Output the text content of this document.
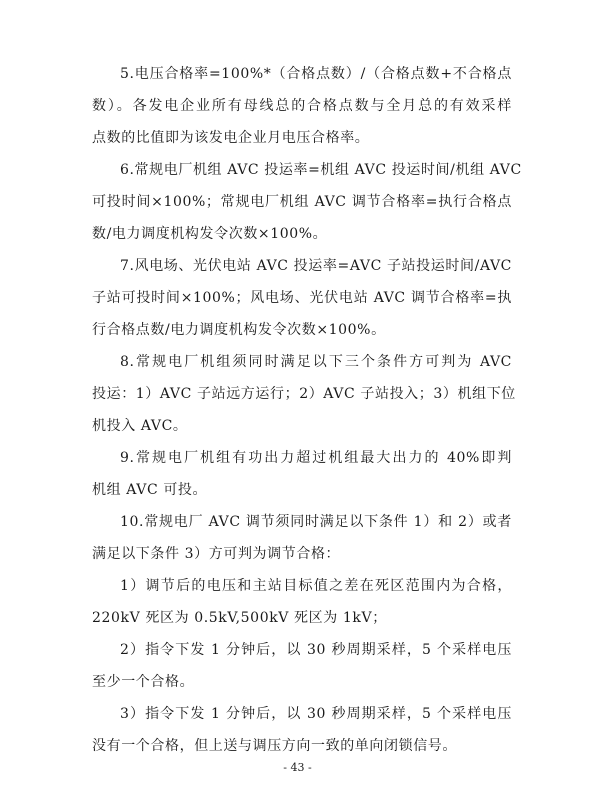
5.电压合格率=100%*（合格点数）/（合格点数+不合格点
数）。各发电企业所有母线总的合格点数与全月总的有效采样
点数的比值即为该发电企业月电压合格率。
6.常规电厂机组 AVC 投运率=机组 AVC 投运时间/机组 AVC
可投时间×100%；常规电厂机组 AVC 调节合格率=执行合格点
数/电力调度机构发令次数×100%。
7.风电场、光伏电站 AVC 投运率=AVC 子站投运时间/AVC
子站可投时间×100%；风电场、光伏电站 AVC 调节合格率=执
行合格点数/电力调度机构发令次数×100%。
8.常规电厂机组须同时满足以下三个条件方可判为 AVC
投运：1）AVC 子站远方运行；2）AVC 子站投入；3）机组下位
机投入 AVC。
9.常规电厂机组有功出力超过机组最大出力的 40%即判
机组 AVC 可投。
10.常规电厂 AVC 调节须同时满足以下条件 1）和 2）或者
满足以下条件 3）方可判为调节合格：
1）调节后的电压和主站目标值之差在死区范围内为合格，
220kV 死区为 0.5kV,500kV 死区为 1kV；
2）指令下发 1 分钟后，以 30 秒周期采样，5 个采样电压
至少一个合格。
3）指令下发 1 分钟后，以 30 秒周期采样，5 个采样电压
没有一个合格，但上送与调压方向一致的单向闭锁信号。
- 43 -
